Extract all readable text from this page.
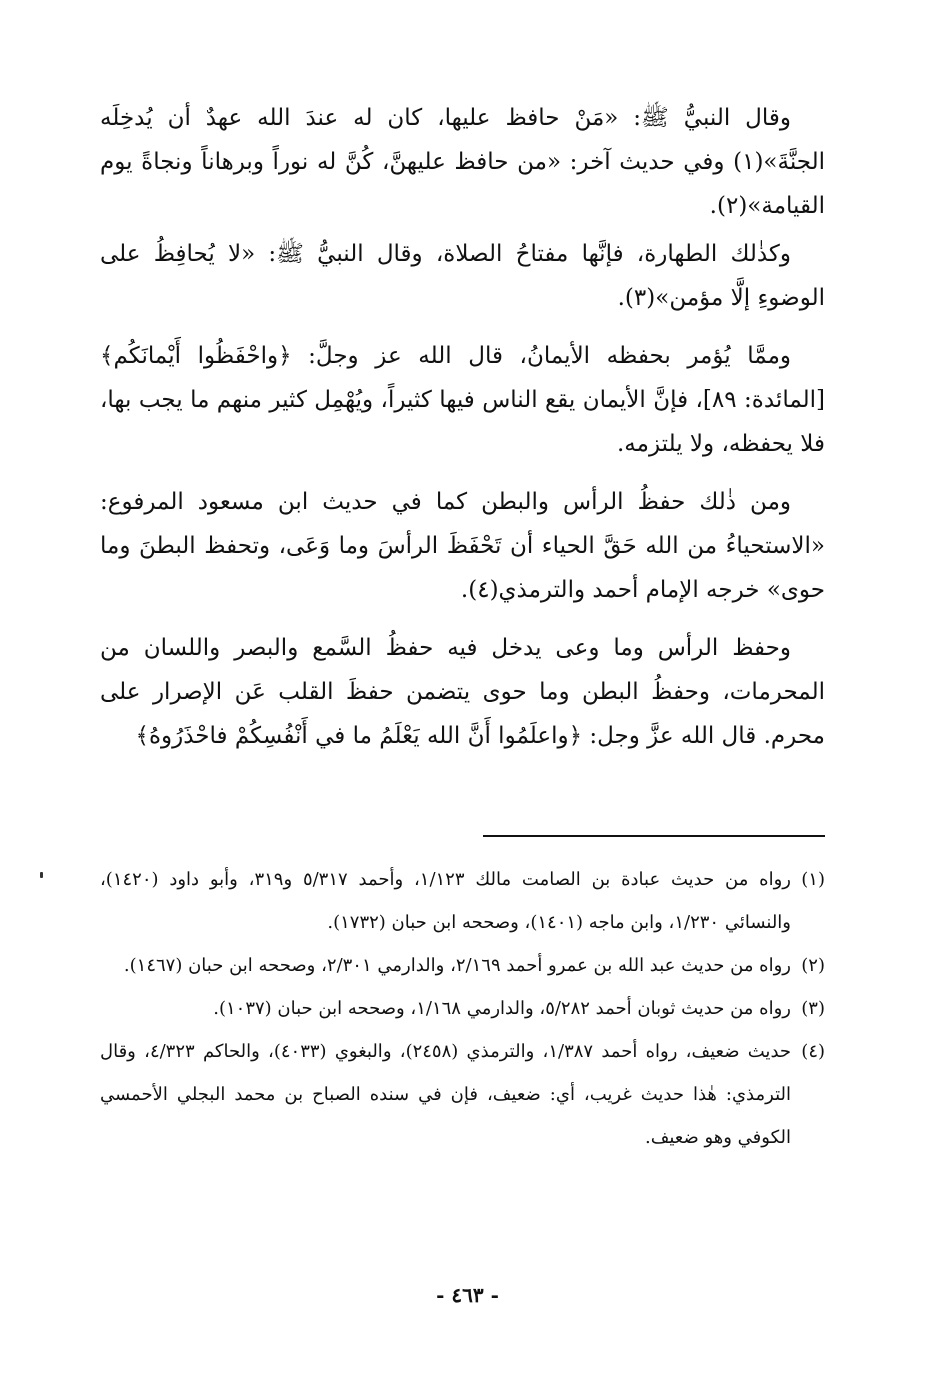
وقال النبيُّ ﷺ: «مَنْ حافظ عليها، كان له عندَ الله عهدٌ أن يُدخِلَه الجنَّةَ»(١) وفي حديث آخر: «من حافظ عليهنَّ، كُنَّ له نوراً وبرهاناً ونجاةً يوم القيامة»(٢).

وكذٰلك الطهارة، فإنَّها مفتاحُ الصلاة، وقال النبيُّ ﷺ: «لا يُحافِظُ على الوضوءِ إلَّا مؤمن»(٣).

وممَّا يُؤمر بحفظه الأيمانُ، قال الله عز وجلَّ: ﴿واحْفَظُوا أَيْمانَكُم﴾ [المائدة: ٨٩]، فإنَّ الأيمان يقع الناس فيها كثيراً، ويُهْمِل كثير منهم ما يجب بها، فلا يحفظه، ولا يلتزمه.

ومن ذٰلك حفظُ الرأس والبطن كما في حديث ابن مسعود المرفوع: «الاستحياءُ من الله حَقَّ الحياء أن تَحْفَظَ الرأسَ وما وَعَى، وتحفظ البطنَ وما حوى» خرجه الإمام أحمد والترمذي(٤).

وحفظ الرأس وما وعى يدخل فيه حفظُ السَّمع والبصر واللسان من المحرمات، وحفظُ البطن وما حوى يتضمن حفظَ القلب عَن الإصرار على محرم. قال الله عزَّ وجل: ﴿واعلَمُوا أَنَّ الله يَعْلَمُ ما في أَنْفُسِكُمْ فاحْذَرُوهُ﴾

(١)رواه من حديث عبادة بن الصامت مالك ١/١٢٣، وأحمد ٥/٣١٧ و٣١٩، وأبو داود (١٤٢٠)، والنسائي ١/٢٣٠، وابن ماجه (١٤٠١)، وصححه ابن حبان (١٧٣٢).

(٢)رواه من حديث عبد الله بن عمرو أحمد ٢/١٦٩، والدارمي ٢/٣٠١، وصححه ابن حبان (١٤٦٧).

(٣)رواه من حديث ثوبان أحمد ٥/٢٨٢، والدارمي ١/١٦٨، وصححه ابن حبان (١٠٣٧).

(٤)حديث ضعيف، رواه أحمد ١/٣٨٧، والترمذي (٢٤٥٨)، والبغوي (٤٠٣٣)، والحاكم ٤/٣٢٣، وقال الترمذي: هٰذا حديث غريب، أي: ضعيف، فإن في سنده الصباح بن محمد البجلي الأحمسي الكوفي وهو ضعيف.

- ٤٦٣ -
